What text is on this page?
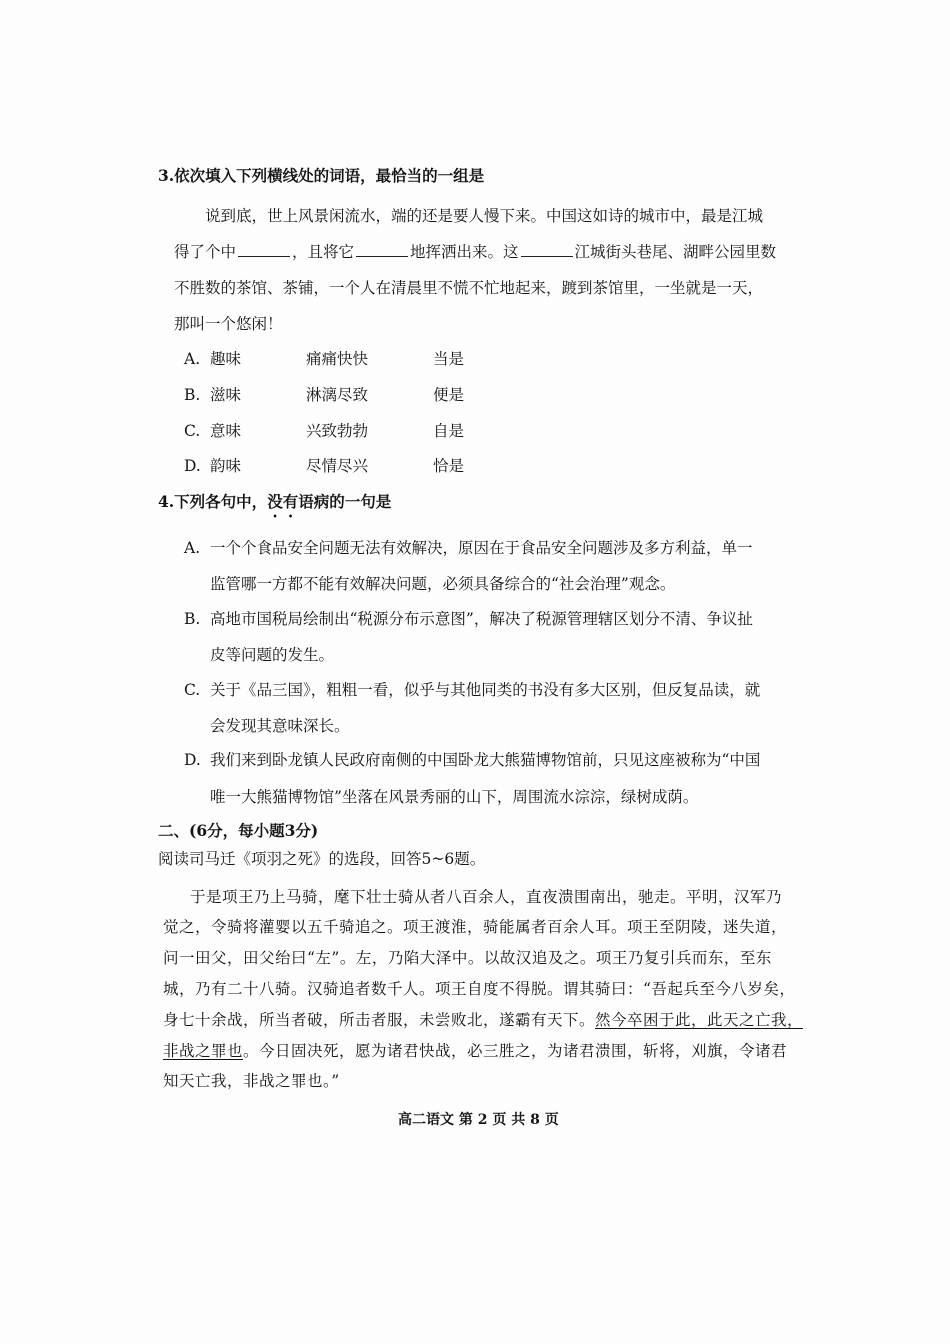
3.依次填入下列横线处的词语，最恰当的一组是
说到底，世上风景闲流水，端的还是要人慢下来。中国这如诗的城市中，最是江城
得了个中	，且将它	地挥洒出来。这	江城街头巷尾、湖畔公园里数
不胜数的茶馆、茶铺，一个人在清晨里不慌不忙地起来，踱到茶馆里，一坐就是一天，
那叫一个悠闲！
A. 趣味	痛痛快快	当是
B. 滋味	淋漓尽致	便是
C. 意味	兴致勃勃	自是
D. 韵味	尽情尽兴	恰是
4.下列各句中，没有语病的一句是
A. 一个个食品安全问题无法有效解决，原因在于食品安全问题涉及多方利益，单一
监管哪一方都不能有效解决问题，必须具备综合的“社会治理”观念。
B. 高地市国税局绘制出“税源分布示意图”，解决了税源管理辖区划分不清、争议扯
皮等问题的发生。
C. 关于《品三国》，粗粗一看，似乎与其他同类的书没有多大区别，但反复品读，就
会发现其意味深长。
D. 我们来到卧龙镇人民政府南侧的中国卧龙大熊猫博物馆前，只见这座被称为“中国
唯一大熊猫博物馆”坐落在风景秀丽的山下，周围流水淙淙，绿树成荫。
二、(6分，每小题3分)
阅读司马迁《项羽之死》的选段，回答5~6题。
于是项王乃上马骑，麾下壮士骑从者八百余人，直夜溃围南出，驰走。平明，汉军乃
觉之，令骑将灌婴以五千骑追之。项王渡淮，骑能属者百余人耳。项王至阴陵，迷失道，
问一田父，田父绐曰“左”。左，乃陷大泽中。以故汉追及之。项王乃复引兵而东，至东
城，乃有二十八骑。汉骑追者数千人。项王自度不得脱。谓其骑曰：“吾起兵至今八岁矣，
身七十余战，所当者破，所击者服，未尝败北，遂霸有天下。然今卒困于此，此天之亡我，
非战之罪也。今日固决死，愿为诸君快战，必三胜之，为诸君溃围，斩将，刈旗，令诸君
知天亡我，非战之罪也。”
高二语文 第 2 页 共 8 页
